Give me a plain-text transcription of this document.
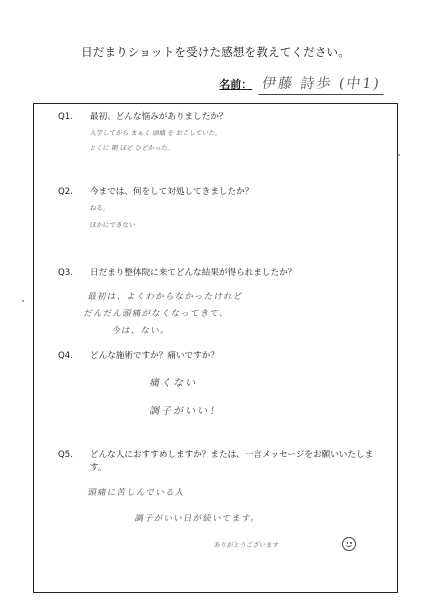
日だまりショットを受けた感想を教えてください。
名前： 伊藤 詩歩 (中1)
Q1.	最初、どんな悩みがありましたか？
入学してから まぁく 頭痛 を おこしていた。
とくに 朝 ほど ひどかった。
Q2.	今までは、何をして対処してきましたか？
ねる。
ほかにできない
Q3.	日だまり整体院に来てどんな結果が得られましたか？
最初は、よくわからなかったけれど
だんだん頭痛がなくなってきて、
今は、ない。
Q4.	どんな施術ですか？痛いですか？
痛くない
調子がいい！
Q5.	どんな人におすすめしますか？または、一言メッセージをお願いいたします。
頭痛に苦しんでいる人
調子がいい日が続いてます。
ありがとうございます
